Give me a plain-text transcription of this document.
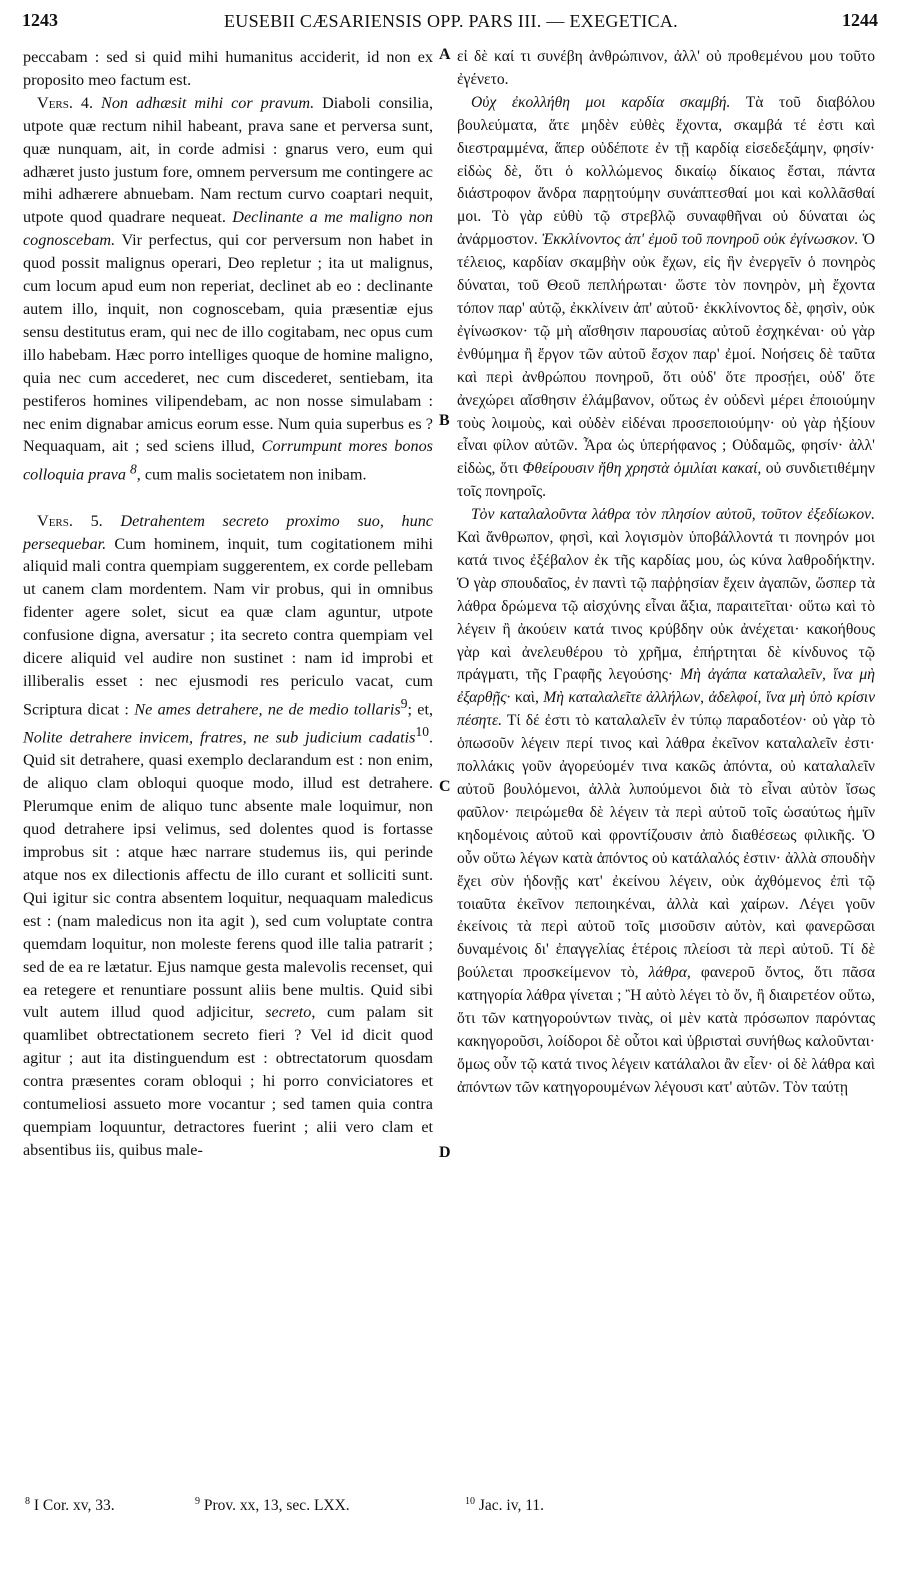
1243	EUSEBII CÆSARIENSIS OPP. PARS III. — EXEGETICA.	1244
A
B
C
D

peccabam : sed si quid mihi humanitus acciderit, id non ex proposito meo factum est.

Vers. 4. Non adhæsit mihi cor pravum. Diaboli consilia, utpote quæ rectum nihil habeant, prava sane et perversa sunt, quæ nunquam, ait, in corde admisi : gnarus vero, eum qui adhæret justo justum fore, omnem perversum me contingere ac mihi adhærere abnuebam. Nam rectum curvo coaptari nequit, utpote quod quadrare nequeat. Declinante a me maligno non cognoscebam. Vir perfectus, qui cor perversum non habet in quod possit malignus operari, Deo repletur ; ita ut malignus, cum locum apud eum non reperiat, declinet ab eo : declinante autem illo, inquit, non cognoscebam, quia præsentiæ ejus sensu destitutus eram, qui nec de illo cogitabam, nec opus cum illo habebam. Hæc porro intelliges quoque de homine maligno, quia nec cum accederet, nec cum discederet, sentiebam, ita pestiferos homines vilipendebam, ac non nosse simulabam : nec enim dignabar amicus eorum esse. Num quia superbus es ? Nequaquam, ait ; sed sciens illud, Corrumpunt mores bonos colloquia prava $^8$, cum malis societatem non inibam.

Vers. 5. Detrahentem secreto proximo suo, hunc persequebar. Cum hominem, inquit, tum cogitationem mihi aliquid mali contra quempiam suggerentem, ex corde pellebam ut canem clam mordentem. Nam vir probus, qui in omnibus fidenter agere solet, sicut ea quæ clam aguntur, utpote confusione digna, aversatur ; ita secreto contra quempiam vel dicere aliquid vel audire non sustinet : nam id improbi et illiberalis esset : nec ejusmodi res periculo vacat, cum Scriptura dicat : Ne ames detrahere, ne de medio tollaris$^9$; et, Nolite detrahere invicem, fratres, ne sub judicium cadatis$^{10}$. Quid sit detrahere, quasi exemplo declarandum est : non enim, de aliquo clam obloqui quoque modo, illud est detrahere. Plerumque enim de aliquo tunc absente male loquimur, non quod detrahere ipsi velimus, sed dolentes quod is fortasse improbus sit : atque hæc narrare studemus iis, qui perinde atque nos ex dilectionis affectu de illo curant et solliciti sunt. Qui igitur sic contra absentem loquitur, nequaquam maledicus est : (nam maledicus non ita agit ), sed cum voluptate contra quemdam loquitur, non moleste ferens quod ille talia patrarit ; sed de ea re lætatur. Ejus namque gesta malevolis recenset, qui ea retegere et renuntiare possunt aliis bene multis. Quid sibi vult autem illud quod adjicitur, secreto, cum palam sit quamlibet obtrectationem secreto fieri ? Vel id dicit quod agitur ; aut ita distinguendum est : obtrectatorum quosdam contra præsentes coram obloqui ; hi porro conviciatores et contumeliosi assueto more vocantur ; sed tamen quia contra quempiam loquuntur, detractores fuerint ; alii vero clam et absentibus iis, quibus male-

εἰ δὲ καί τι συνέβη ἀνθρώπινον, ἀλλ' οὐ προθεμένου μου τοῦτο ἐγένετο.

Οὐχ ἐκολλήθη μοι καρδία σκαμβή. Τὰ τοῦ διαβόλου βουλεύματα, ἅτε μηδὲν εὐθὲς ἔχοντα, σκαμβά τέ ἐστι καὶ διεστραμμένα, ἅπερ οὐδέποτε ἐν τῇ καρδίᾳ εἰσεδεξάμην, φησίν· εἰδὼς δὲ, ὅτι ὁ κολλώμενος δικαίῳ δίκαιος ἔσται, πάντα διάστροφον ἄνδρα παρῃτούμην συνάπτεσθαί μοι καὶ κολλᾶσθαί μοι. Τὸ γὰρ εὐθὺ τῷ στρεβλῷ συναφθῆναι οὐ δύναται ὡς ἀνάρμοστον. Ἐκκλίνοντος ἀπ' ἐμοῦ τοῦ πονηροῦ οὐκ ἐγίνωσκον. Ὁ τέλειος, καρδίαν σκαμβὴν οὐκ ἔχων, εἰς ἣν ἐνεργεῖν ὁ πονηρὸς δύναται, τοῦ Θεοῦ πεπλήρωται· ὥστε τὸν πονηρὸν, μὴ ἔχοντα τόπον παρ' αὐτῷ, ἐκκλίνειν ἀπ' αὐτοῦ· ἐκκλίνοντος δὲ, φησὶν, οὐκ ἐγίνωσκον· τῷ μὴ αἴσθησιν παρουσίας αὐτοῦ ἐσχηκέναι· οὐ γὰρ ἐνθύμημα ἢ ἔργον τῶν αὐτοῦ ἔσχον παρ' ἐμοί. Νοήσεις δὲ ταῦτα καὶ περὶ ἀνθρώπου πονηροῦ, ὅτι οὐδ' ὅτε προσῄει, οὐδ' ὅτε ἀνεχώρει αἴσθησιν ἐλάμβανον, οὕτως ἐν οὐδενὶ μέρει ἐποιούμην τοὺς λοιμοὺς, καὶ οὐδὲν εἰδέναι προσεποιούμην· οὐ γὰρ ἠξίουν εἶναι φίλον αὐτῶν. Ἆρα ὡς ὑπερήφανος ; Οὐδαμῶς, φησίν· ἀλλ' εἰδὼς, ὅτι Φθείρουσιν ἤθη χρηστὰ ὁμιλίαι κακαί, οὐ συνδιετιθέμην τοῖς πονηροῖς.

Τὸν καταλαλοῦντα λάθρα τὸν πλησίον αὐτοῦ, τοῦτον ἐξεδίωκον. Καὶ ἄνθρωπον, φησὶ, καὶ λογισμὸν ὑποβάλλοντά τι πονηρόν μοι κατά τινος ἐξέβαλον ἐκ τῆς καρδίας μου, ὡς κύνα λαθροδήκτην. Ὁ γὰρ σπουδαῖος, ἐν παντὶ τῷ παῤῥησίαν ἔχειν ἀγαπῶν, ὥσπερ τὰ λάθρα δρώμενα τῷ αἰσχύνης εἶναι ἄξια, παραιτεῖται· οὕτω καὶ τὸ λέγειν ἢ ἀκούειν κατά τινος κρύβδην οὐκ ἀνέχεται· κακοήθους γὰρ καὶ ἀνελευθέρου τὸ χρῆμα, ἐπήρτηται δὲ κίνδυνος τῷ πράγματι, τῆς Γραφῆς λεγούσης· Μὴ ἀγάπα καταλαλεῖν, ἵνα μὴ ἐξαρθῇς· καὶ, Μὴ καταλαλεῖτε ἀλλήλων, ἀδελφοί, ἵνα μὴ ὑπὸ κρίσιν πέσητε. Τί δέ ἐστι τὸ καταλαλεῖν ἐν τύπῳ παραδοτέον· οὐ γὰρ τὸ ὁπωσοῦν λέγειν περί τινος καὶ λάθρα ἐκεῖνον καταλαλεῖν ἐστι· πολλάκις γοῦν ἀγορεύομέν τινα κακῶς ἀπόντα, οὐ καταλαλεῖν αὐτοῦ βουλόμενοι, ἀλλὰ λυπούμενοι διὰ τὸ εἶναι αὐτὸν ἴσως φαῦλον· πειρώμεθα δὲ λέγειν τὰ περὶ αὐτοῦ τοῖς ὡσαύτως ἡμῖν κηδομένοις αὐτοῦ καὶ φροντίζουσιν ἀπὸ διαθέσεως φιλικῆς. Ὁ οὖν οὕτω λέγων κατὰ ἀπόντος οὐ κατάλαλός ἐστιν· ἀλλὰ σπουδὴν ἔχει σὺν ἡδονῇς κατ' ἐκείνου λέγειν, οὐκ ἀχθόμενος ἐπὶ τῷ τοιαῦτα ἐκεῖνον πεποιηκέναι, ἀλλὰ καὶ χαίρων. Λέγει γοῦν ἐκείνοις τὰ περὶ αὐτοῦ τοῖς μισοῦσιν αὐτὸν, καὶ φανερῶσαι δυναμένοις δι' ἐπαγγελίας ἑτέροις πλείοσι τὰ περὶ αὐτοῦ. Τί δὲ βούλεται προσκείμενον τὸ, λάθρα, φανεροῦ ὄντος, ὅτι πᾶσα κατηγορία λάθρα γίνεται ; Ἢ αὐτὸ λέγει τὸ ὄν, ἢ διαιρετέον οὕτω, ὅτι τῶν κατηγορούντων τινὰς, οἱ μὲν κατὰ πρόσωπον παρόντας κακηγοροῦσι, λοίδοροι δὲ οὗτοι καὶ ὑβρισταὶ συνήθως καλοῦνται· ὅμως οὖν τῷ κατά τινος λέγειν κατάλαλοι ἂν εἶεν· οἱ δὲ λάθρα καὶ ἀπόντων τῶν κατηγορουμένων λέγουσι κατ' αὐτῶν. Τὸν ταύτῃ

$^8$ I Cor. xv, 33.	$^9$ Prov. xx, 13, sec. LXX.	$^{10}$ Jac. iv, 11.
